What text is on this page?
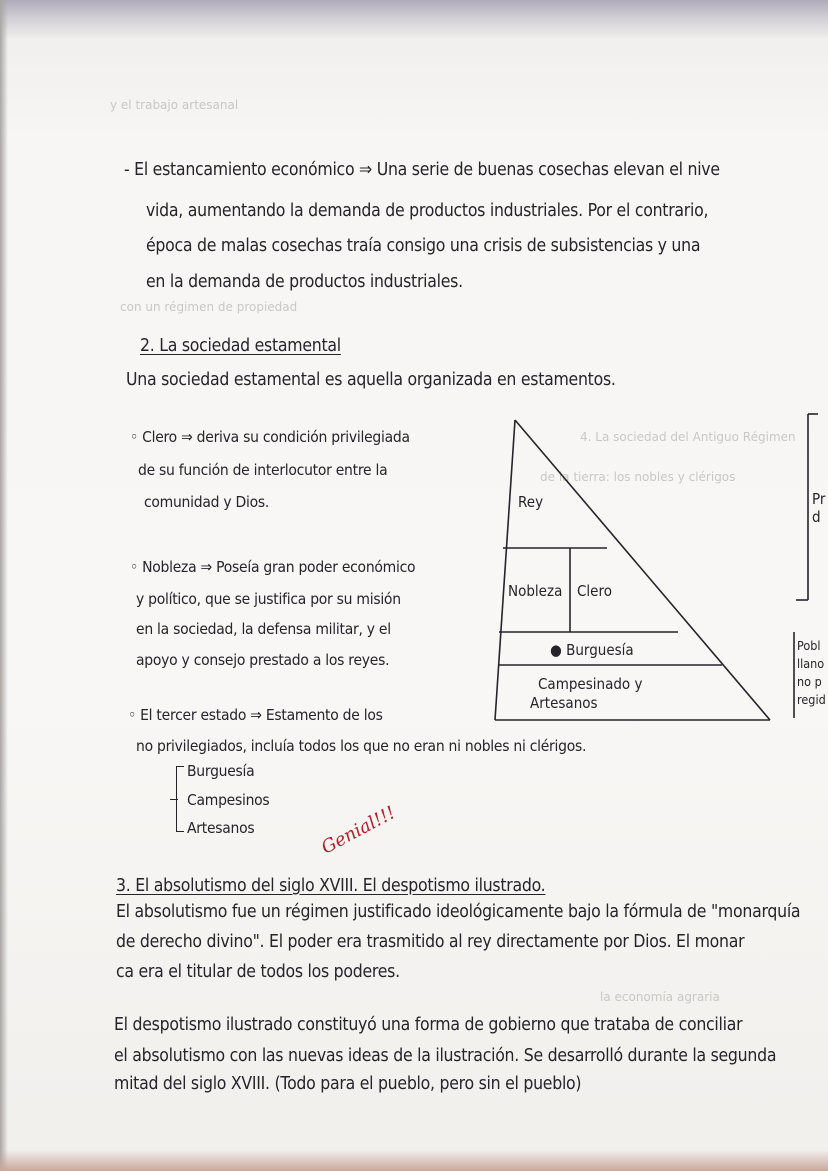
y el trabajo artesanal
con un régimen de propiedad
de la tierra: los nobles y clérigos
4. La sociedad del Antiguo Régimen
la economía agraria
- El estancamiento económico ⇒ Una serie de buenas cosechas elevan el nive
vida, aumentando la demanda de productos industriales. Por el contrario,
época de malas cosechas traía consigo una crisis de subsistencias y una
en la demanda de productos industriales.
2. La sociedad estamental
Una sociedad estamental es aquella organizada en estamentos.
◦ Clero ⇒ deriva su condición privilegiada
de su función de interlocutor entre la
comunidad y Dios.
◦ Nobleza ⇒ Poseía gran poder económico
y político, que se justifica por su misión
en la sociedad, la defensa militar, y el
apoyo y consejo prestado a los reyes.
◦ El tercer estado ⇒ Estamento de los
no privilegiados, incluía todos los que no eran ni nobles ni clérigos.
Burguesía
Campesinos
Artesanos	Genial!!!
Rey
Nobleza Clero
● Burguesía
Campesinado y
Artesanos
Pr
d
Pobl
llano
no p
regid
3. El absolutismo del siglo XVIII. El despotismo ilustrado.
El absolutismo fue un régimen justificado ideológicamente bajo la fórmula de "monarquía
de derecho divino". El poder era trasmitido al rey directamente por Dios. El monar
ca era el titular de todos los poderes.
El despotismo ilustrado constituyó una forma de gobierno que trataba de conciliar
el absolutismo con las nuevas ideas de la ilustración. Se desarrolló durante la segunda
mitad del siglo XVIII. (Todo para el pueblo, pero sin el pueblo)
